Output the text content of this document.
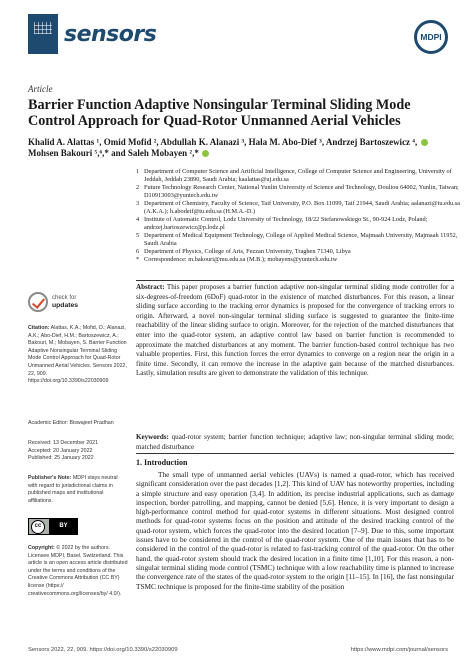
sensors	MDPI
Article
Barrier Function Adaptive Nonsingular Terminal Sliding Mode Control Approach for Quad-Rotor Unmanned Aerial Vehicles
Khalid A. Alattas ¹, Omid Mofid ², Abdullah K. Alanazi ³, Hala M. Abo-Dief ³, Andrzej Bartoszewicz ⁴,
Mohsen Bakouri ⁵,⁶,* and Saleh Mobayen ²,*
1 Department of Computer Science and Artificial Intelligence, College of Computer Science and Engineering, University of Jeddah, Jeddah 23890, Saudi Arabia; kaalattas@uj.edu.sa
2 Future Technology Research Center, National Yunlin University of Science and Technology, Douliou 64002, Yunlin, Taiwan; D10913003@yuntech.edu.tw
3 Department of Chemistry, Faculty of Science, Taif University, P.O. Box 11099, Taif 21944, Saudi Arabia; aalanazi@tu.edu.sa (A.K.A.); h.abodeif@tu.edu.sa (H.M.A.-D.)
4 Institute of Automatic Control, Lodz University of Technology, 18/22 Stefanowskiego St., 90-924 Lodz, Poland; andrzej.bartoszewicz@p.lodz.pl
5 Department of Medical Equipment Technology, College of Applied Medical Science, Majmaah University, Majmaah 11952, Saudi Arabia
6 Department of Physics, College of Arts, Fezzan University, Traghen 71340, Libya
* Correspondence: m.bakouri@mu.edu.sa (M.B.); mobayens@yuntech.edu.tw
check for
updates
Citation: Alattas, K.A.; Mofid, O.; Alanazi, A.K.; Abo-Dief, H.M.; Bartoszewicz, A.; Bakouri, M.; Mobayen, S. Barrier Function Adaptive Nonsingular Terminal Sliding Mode Control Approach for Quad-Rotor Unmanned Aerial Vehicles. Sensors 2022, 22, 909. https://doi.org/10.3390/s22030909
Academic Editor: Biswajeet Pradhan
Received: 13 December 2021
Accepted: 20 January 2022
Published: 25 January 2022
Publisher's Note: MDPI stays neutral with regard to jurisdictional claims in published maps and institutional affiliations.
cc	BY
Copyright: © 2022 by the authors. Licensee MDPI, Basel, Switzerland. This article is an open access article distributed under the terms and conditions of the Creative Commons Attribution (CC BY) license (https:// creativecommons.org/licenses/by/ 4.0/).
Abstract: This paper proposes a barrier function adaptive non-singular terminal sliding mode controller for a six-degrees-of-freedom (6DoF) quad-rotor in the existence of matched disturbances. For this reason, a linear sliding surface according to the tracking error dynamics is proposed for the convergence of tracking errors to origin. Afterward, a novel non-singular terminal sliding surface is suggested to guarantee the finite-time reachability of the linear sliding surface to origin. Moreover, for the rejection of the matched disturbances that enter into the quad-rotor system, an adaptive control law based on barrier function is recommended to approximate the matched disturbances at any moment. The barrier function-based control technique has two valuable properties. First, this function forces the error dynamics to converge on a region near the origin in a finite time. Secondly, it can remove the increase in the adaptive gain because of the matched disturbances. Lastly, simulation results are given to demonstrate the validation of this technique.
Keywords: quad-rotor system; barrier function technique; adaptive law; non-singular terminal sliding mode; matched disturbance
1. Introduction
The small type of unmanned aerial vehicles (UAVs) is named a quad-rotor, which has received significant consideration over the past decades [1,2]. This kind of UAV has noteworthy properties, including a simple structure and easy operation [3,4]. In addition, its precise industrial applications, such as damage inspection, border patrolling, and mapping, cannot be denied [5,6]. Hence, it is very important to design a high-performance control method for quad-rotor systems in different situations. Most designed control methods for quad-rotor systems focus on the position and attitude of the desired tracking control of the quad-rotor system, which forces the quad-rotor into the desired location [7–9]. Due to this, some important issues have to be considered in the control of the quad-rotor system. One of the main issues that has to be considered in the control of the quad-rotor is related to fast-tracking control of the quad-rotor. On the other hand, the quad-rotor system should track the desired location in a finite time [1,10]. For this reason, a non-singular terminal sliding mode control (TSMC) technique with a low reachability time is planned to increase the convergence rate of the states of the quad-rotor system to the origin [11–15]. In [16], the fast nonsingular TSMC technique is proposed for the finite-time stability of the position
Sensors 2022, 22, 909. https://doi.org/10.3390/s22030909	https://www.mdpi.com/journal/sensors
